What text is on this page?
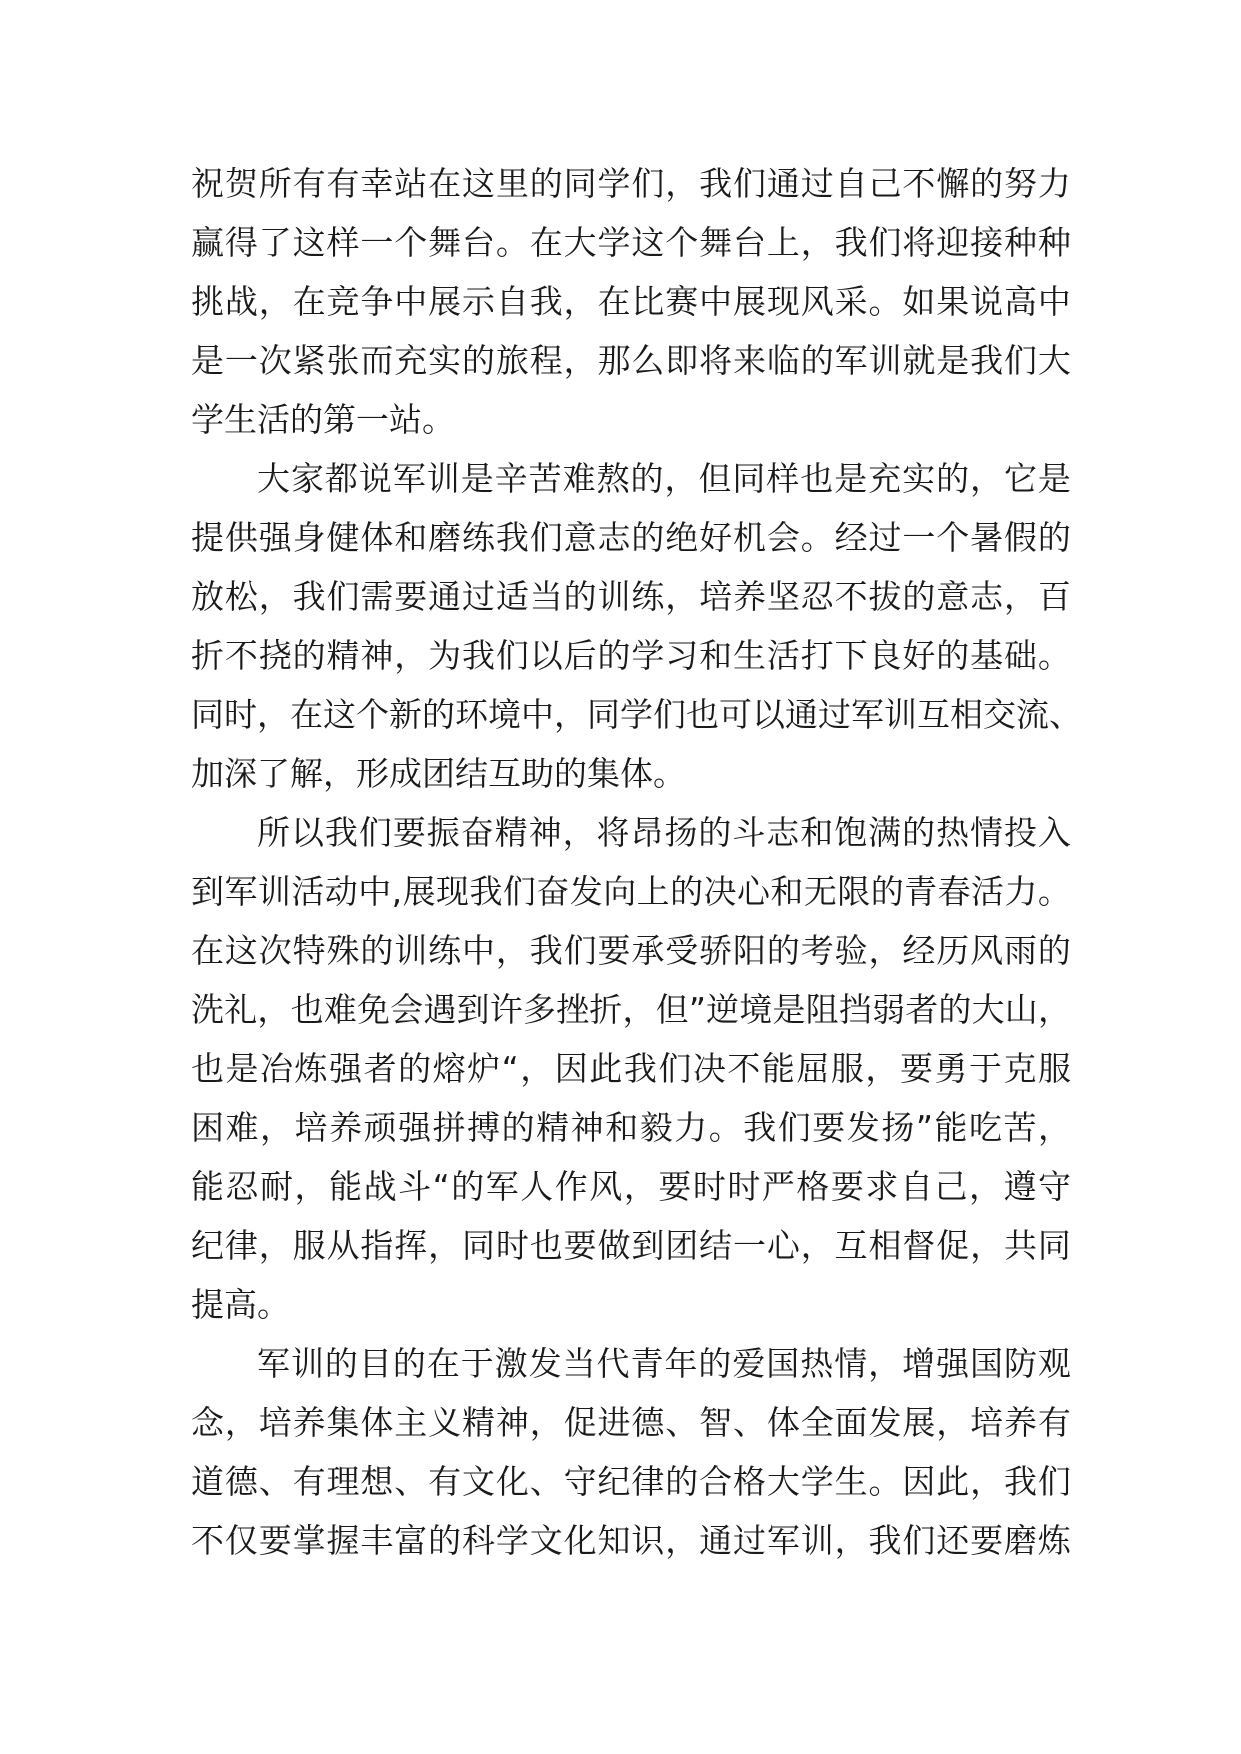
祝 贺 所 有 有 幸 站 在 这 里 的 同 学 们 ， 我 们 通 过 自 己 不 懈 的 努 力
赢 得 了 这 样 一 个 舞 台 。 在 大 学 这 个 舞 台 上 ， 我 们 将 迎 接 种 种
挑 战 ， 在 竞 争 中 展 示 自 我 ， 在 比 赛 中 展 现 风 采 。 如 果 说 高 中
是 一 次 紧 张 而 充 实 的 旅 程 ， 那 么 即 将 来 临 的 军 训 就 是 我 们 大
学生活的第一站。
大 家 都 说 军 训 是 辛 苦 难 熬 的 ， 但 同 样 也 是 充 实 的 ， 它 是
提 供 强 身 健 体 和 磨 练 我 们 意 志 的 绝 好 机 会 。 经 过 一 个 暑 假 的
放 松 ， 我 们 需 要 通 过 适 当 的 训 练 ， 培 养 坚 忍 不 拔 的 意 志 ， 百
折 不 挠 的 精 神 ， 为 我 们 以 后 的 学 习 和 生 活 打 下 良 好 的 基 础 。
同 时 ， 在 这 个 新 的 环 境 中 ， 同 学 们 也 可 以 通 过 军 训 互 相 交 流 、
加深了解，形成团结互助的集体。
所 以 我 们 要 振 奋 精 神 ， 将 昂 扬 的 斗 志 和 饱 满 的 热 情 投 入
到 军 训 活 动 中 , 展 现 我 们 奋 发 向 上 的 决 心 和 无 限 的 青 春 活 力 。
在 这 次 特 殊 的 训 练 中 ， 我 们 要 承 受 骄 阳 的 考 验 ， 经 历 风 雨 的
洗 礼 ， 也 难 免 会 遇 到 许 多 挫 折 ， 但 ” 逆 境 是 阻 挡 弱 者 的 大 山 ，
也 是 冶 炼 强 者 的 熔 炉 “ ， 因 此 我 们 决 不 能 屈 服 ， 要 勇 于 克 服
困 难 ， 培 养 顽 强 拼 搏 的 精 神 和 毅 力 。 我 们 要 发 扬 ” 能 吃 苦 ，
能 忍 耐 ， 能 战 斗 “ 的 军 人 作 风 ， 要 时 时 严 格 要 求 自 己 ， 遵 守
纪 律 ， 服 从 指 挥 ， 同 时 也 要 做 到 团 结 一 心 ， 互 相 督 促 ， 共 同
提高。
军 训 的 目 的 在 于 激 发 当 代 青 年 的 爱 国 热 情 ， 增 强 国 防 观
念 ， 培 养 集 体 主 义 精 神 ， 促 进 德 、 智 、 体 全 面 发 展 ， 培 养 有
道 德 、 有 理 想 、 有 文 化 、 守 纪 律 的 合 格 大 学 生 。 因 此 ， 我 们
不 仅 要 掌 握 丰 富 的 科 学 文 化 知 识 ， 通 过 军 训 ， 我 们 还 要 磨 炼
